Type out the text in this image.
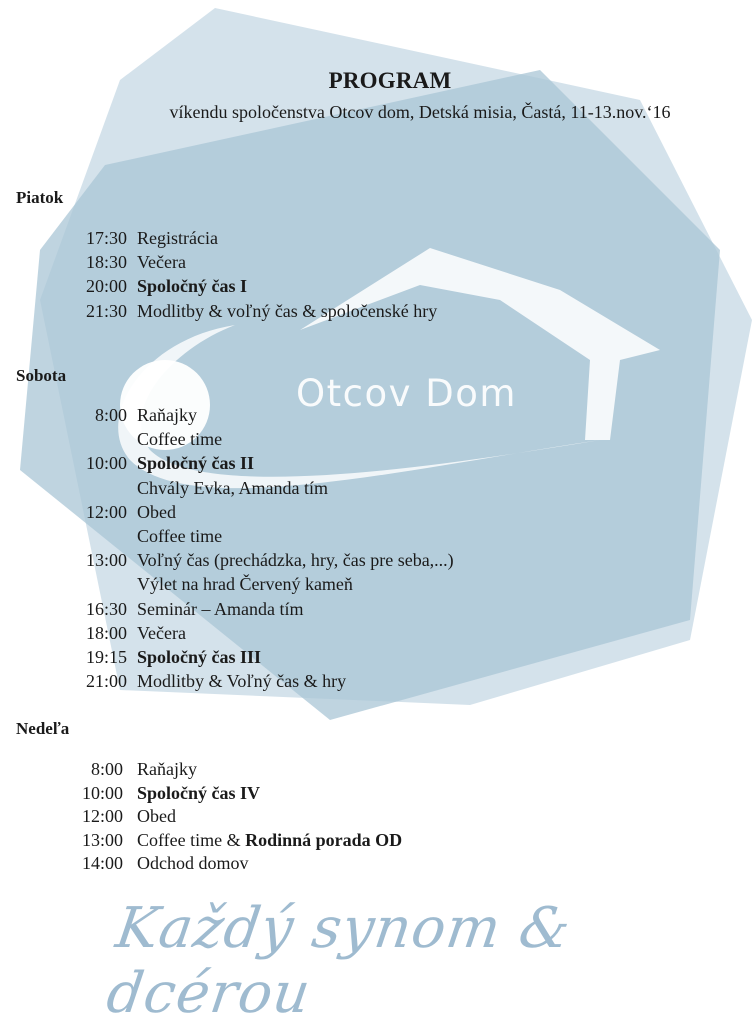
Otcov Dom
Každý synom & dcérou
PROGRAM
víkendu spoločenstva Otcov dom, Detská misia, Častá, 11-13.nov.‘16
Piatok
17:30 Registrácia
18:30 Večera
20:00 Spoločný čas I
21:30 Modlitby & voľný čas & spoločenské hry
Sobota
8:00 Raňajky
Coffee time
10:00 Spoločný čas II
Chvály Evka, Amanda tím
12:00 Obed
Coffee time
13:00 Voľný čas (prechádzka, hry, čas pre seba,...)
Výlet na hrad Červený kameň
16:30 Seminár – Amanda tím
18:00 Večera
19:15 Spoločný čas III
21:00 Modlitby & Voľný čas & hry
Nedeľa
8:00 Raňajky
10:00 Spoločný čas IV
12:00 Obed
13:00 Coffee time & Rodinná porada OD
14:00 Odchod domov
